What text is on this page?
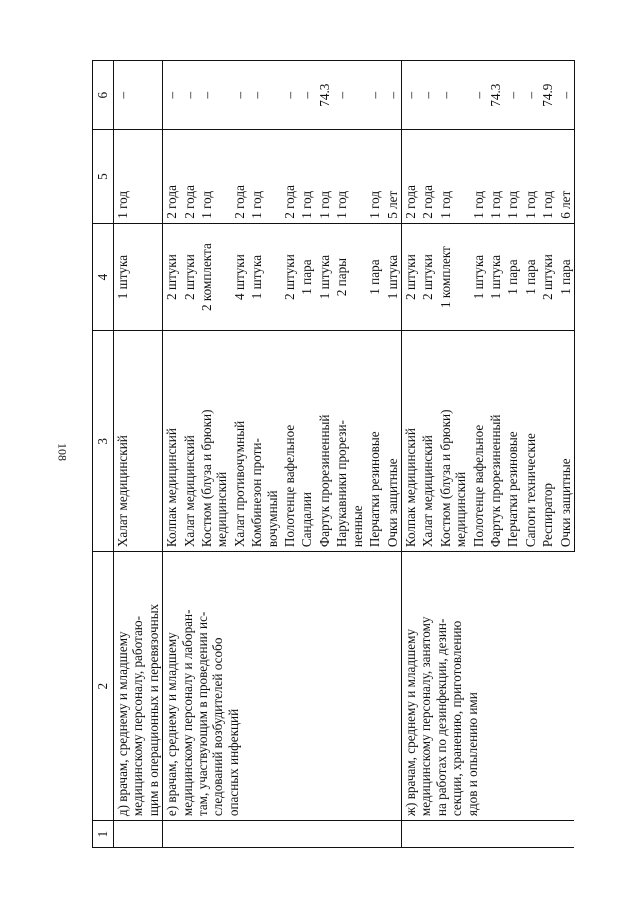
108
1	2	3	4	5	6

	д) врачам, среднему и младшему медицинскому персоналу, работаю- щим в операционных и перевязочных	Халат медицинский	1 штука	1 год	–

	е) врачам, среднему и младшему медицинскому персоналу и лаборан- там, участвующим в проведении ис- следований возбудителей особо опасных инфекций	Колпак медицинский	2 штуки	2 года	–

		Халат медицинский	2 штуки	2 года	–

		Костюм (блуза и брюки) медицинский	2 комплекта	1 год	–

		Халат противочумный	4 штуки	2 года	–

		Комбинезон проти- вочумный	1 штука	1 год	–

		Полотенце вафельное	2 штуки	2 года	–

		Сандалии	1 пара	1 год	–

		Фартук прорезиненный	1 штука	1 год	74.3

		Нарукавники прорези- ненные	2 пары	1 год	–

		Перчатки резиновые	1 пара	1 год	–

		Очки защитные	1 штука	5 лет	–

	ж) врачам, среднему и младшему медицинскому персоналу, занятому на работах по дезинфекции, дезин- секции, хранению, приготовлению ядов и опылению ими	Колпак медицинский	2 штуки	2 года	–

		Халат медицинский	2 штуки	2 года	–

		Костюм (блуза и брюки) медицинский	1 комплект	1 год	–

		Полотенце вафельное	1 штука	1 год	–

		Фартук прорезиненный	1 штука	1 год	74.3

		Перчатки резиновые	1 пара	1 год	–

		Сапоги технические	1 пара	1 год	–

		Респиратор	2 штуки	1 год	74.9

		Очки защитные	1 пара	6 лет	–
